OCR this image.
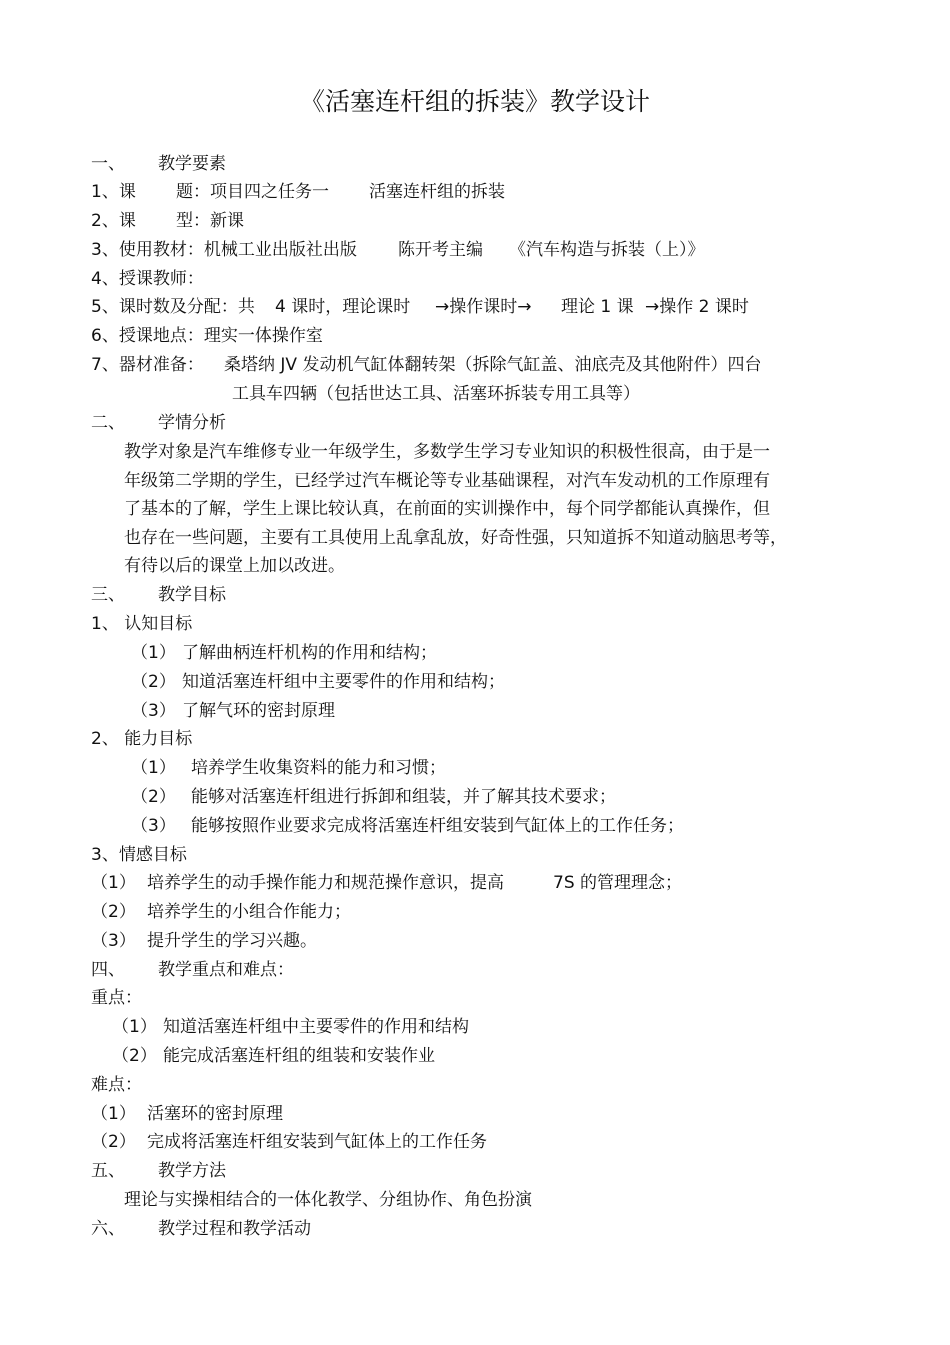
《活塞连杆组的拆装》教学设计
一、 教学要素
1、课 题：项目四之任务一 活塞连杆组的拆装
2、课 型：新课
3、使用教材：机械工业出版社出版 陈开考主编 《汽车构造与拆装（上）》
4、授课教师：
5、课时数及分配：共 4 课时，理论课时 →操作课时→ 理论 1 课 →操作 2 课时
6、授课地点：理实一体操作室
7、器材准备： 桑塔纳 JV 发动机气缸体翻转架（拆除气缸盖、油底壳及其他附件）四台
工具车四辆（包括世达工具、活塞环拆装专用工具等）
二、 学情分析
教学对象是汽车维修专业一年级学生，多数学生学习专业知识的积极性很高，由于是一
年级第二学期的学生，已经学过汽车概论等专业基础课程，对汽车发动机的工作原理有
了基本的了解，学生上课比较认真，在前面的实训操作中，每个同学都能认真操作，但
也存在一些问题，主要有工具使用上乱拿乱放，好奇性强，只知道拆不知道动脑思考等，
有待以后的课堂上加以改进。
三、 教学目标
1、 认知目标
（1） 了解曲柄连杆机构的作用和结构；
（2） 知道活塞连杆组中主要零件的作用和结构；
（3） 了解气环的密封原理
2、 能力目标
（1） 培养学生收集资料的能力和习惯；
（2） 能够对活塞连杆组进行拆卸和组装，并了解其技术要求；
（3） 能够按照作业要求完成将活塞连杆组安装到气缸体上的工作任务；
3、情感目标
（1） 培养学生的动手操作能力和规范操作意识，提高	7S 的管理理念；
（2） 培养学生的小组合作能力；
（3） 提升学生的学习兴趣。
四、 教学重点和难点：
重点：
（1） 知道活塞连杆组中主要零件的作用和结构
（2） 能完成活塞连杆组的组装和安装作业
难点：
（1） 活塞环的密封原理
（2） 完成将活塞连杆组安装到气缸体上的工作任务
五、 教学方法
理论与实操相结合的一体化教学、分组协作、角色扮演
六、 教学过程和教学活动
